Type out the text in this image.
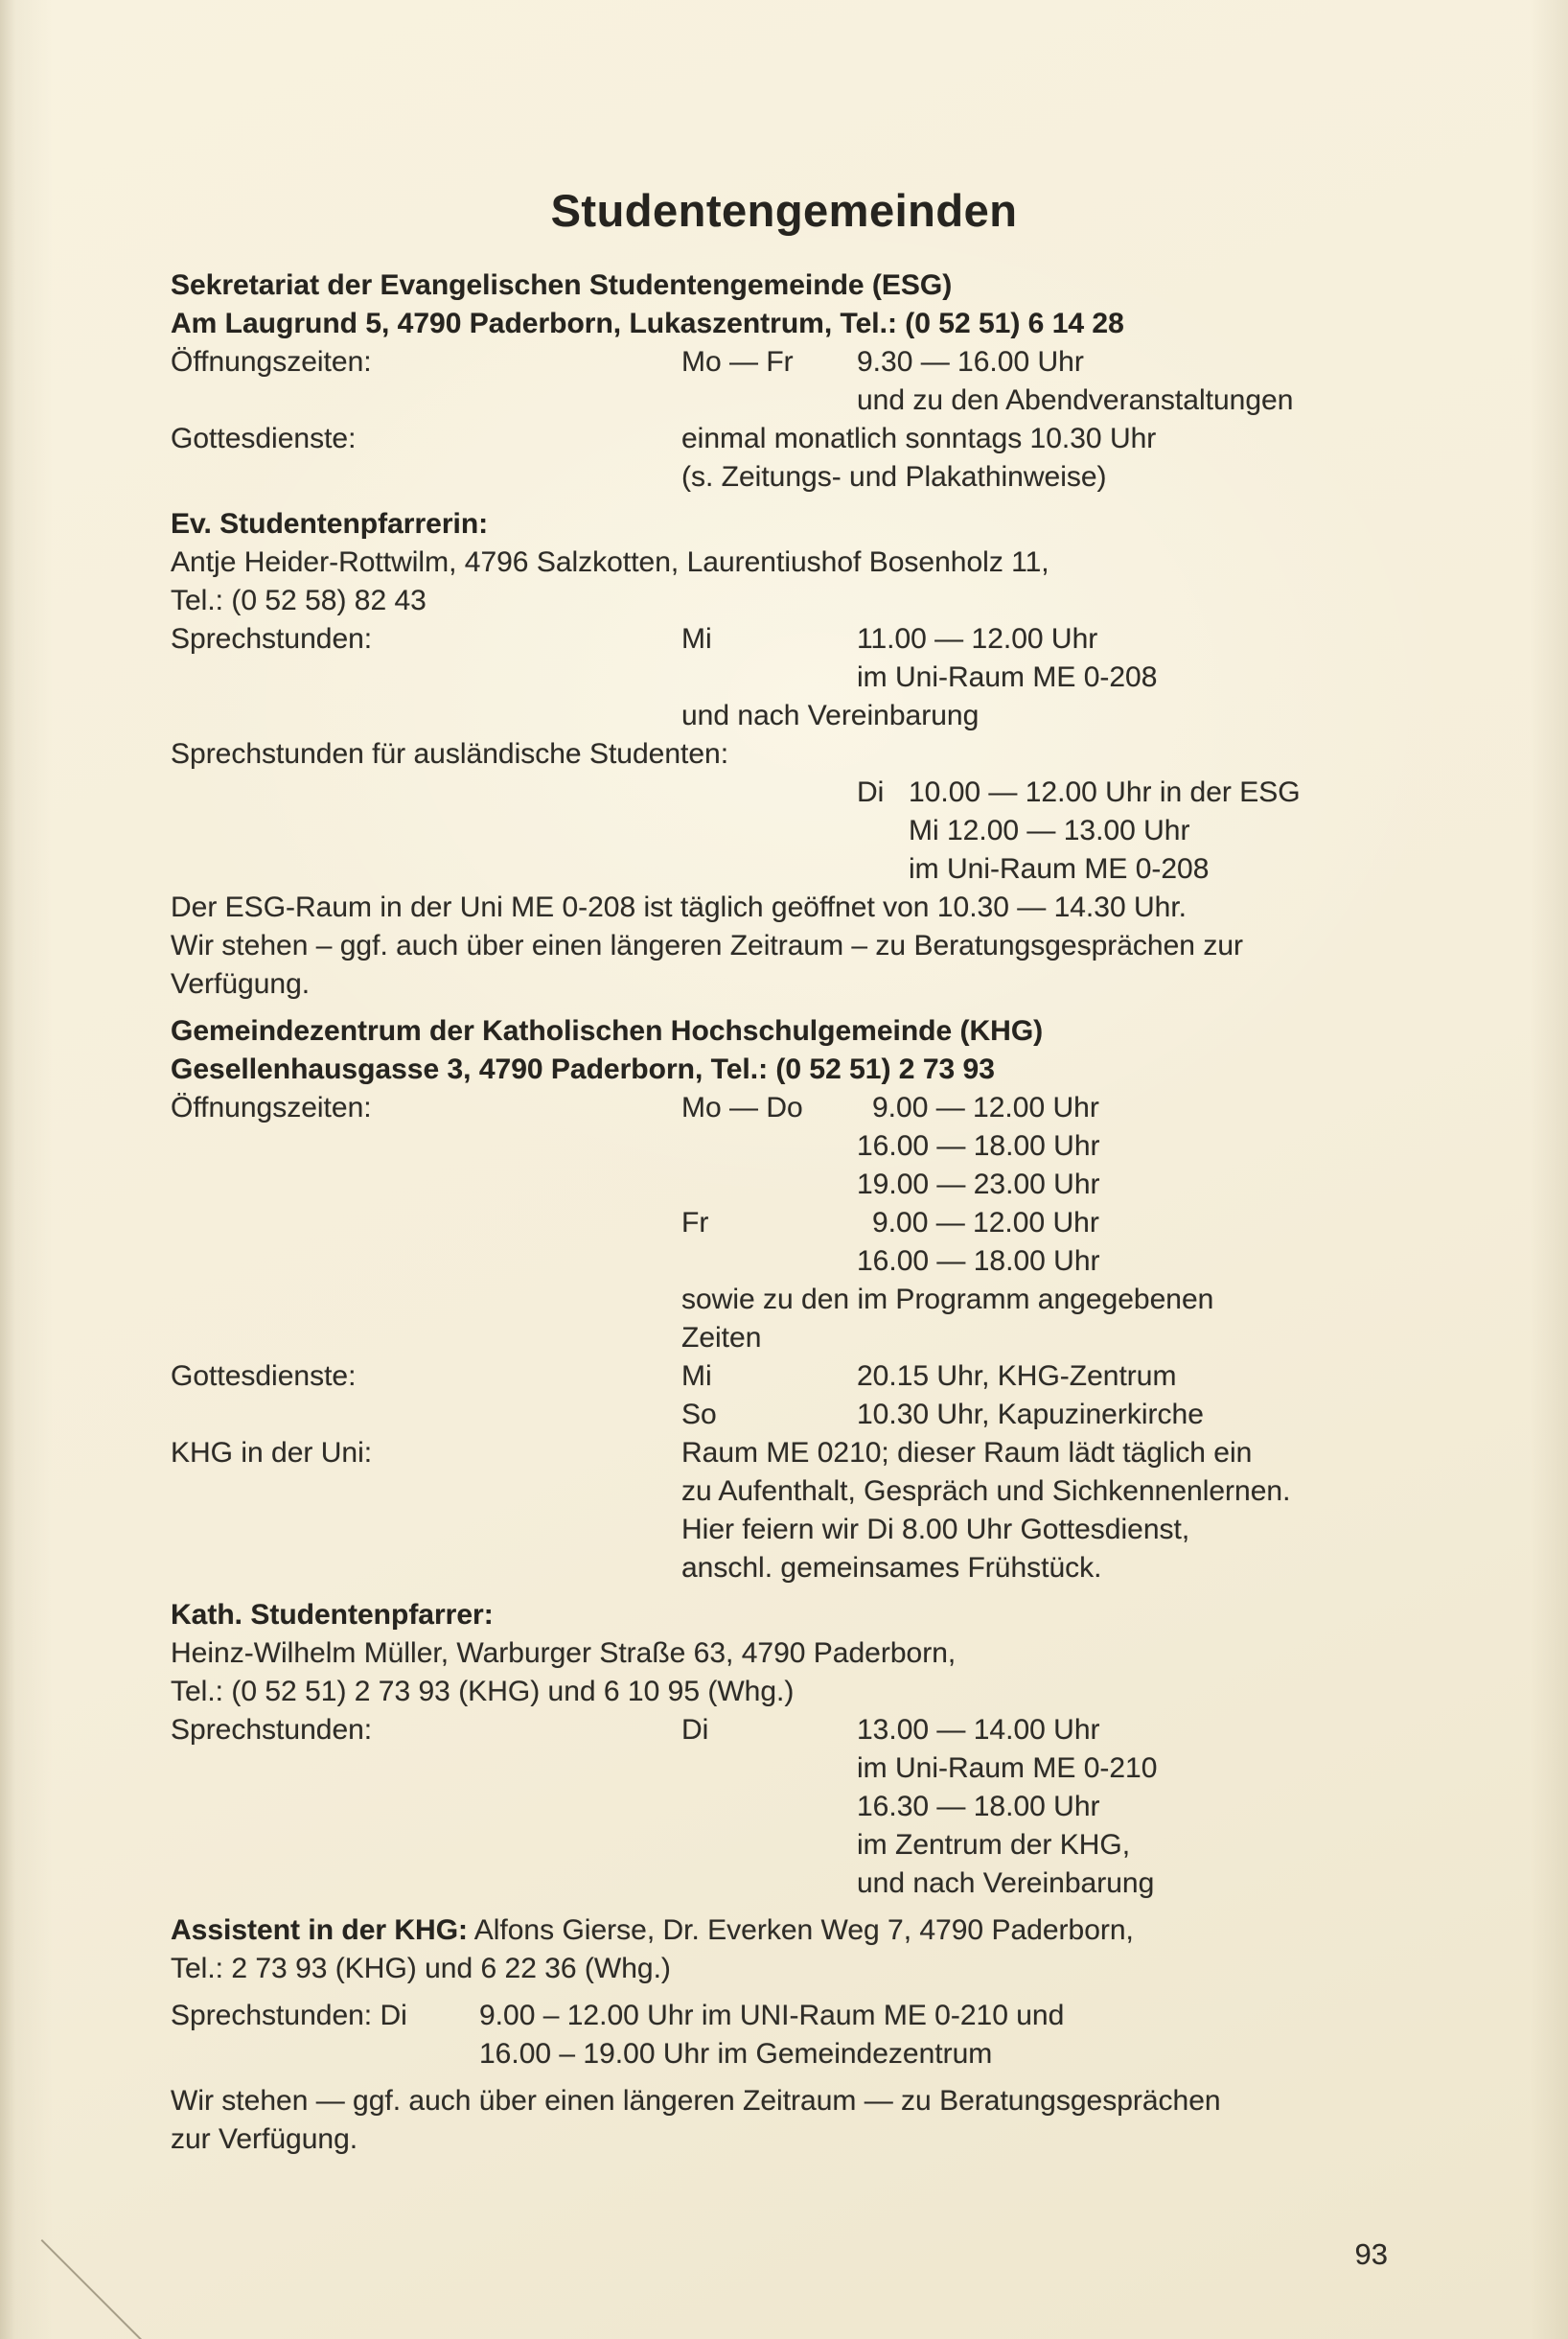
Studentengemeinden
Sekretariat der Evangelischen Studentengemeinde (ESG)
Am Laugrund 5, 4790 Paderborn, Lukaszentrum, Tel.: (0 52 51) 6 14 28
Öffnungszeiten:	Mo — Fr 9.30 — 16.00 Uhr
und zu den Abendveranstaltungen
Gottesdienste:	einmal monatlich sonntags 10.30 Uhr
(s. Zeitungs- und Plakathinweise)
Ev. Studentenpfarrerin:
Antje Heider-Rottwilm, 4796 Salzkotten, Laurentiushof Bosenholz 11,
Tel.: (0 52 58) 82 43
Sprechstunden:	Mi	11.00 — 12.00 Uhr
im Uni-Raum ME 0-208
und nach Vereinbarung
Sprechstunden für ausländische Studenten:
Di 10.00 — 12.00 Uhr in der ESG
Mi 12.00 — 13.00 Uhr
im Uni-Raum ME 0-208
Der ESG-Raum in der Uni ME 0-208 ist täglich geöffnet von 10.30 — 14.30 Uhr.
Wir stehen – ggf. auch über einen längeren Zeitraum – zu Beratungsgesprächen zur
Verfügung.
Gemeindezentrum der Katholischen Hochschulgemeinde (KHG)
Gesellenhausgasse 3, 4790 Paderborn, Tel.: (0 52 51) 2 73 93
Öffnungszeiten:	Mo — Do 9.00 — 12.00 Uhr
16.00 — 18.00 Uhr
19.00 — 23.00 Uhr
Fr	9.00 — 12.00 Uhr
16.00 — 18.00 Uhr
sowie zu den im Programm angegebenen
Zeiten
Gottesdienste:	Mi	20.15 Uhr, KHG-Zentrum
So	10.30 Uhr, Kapuzinerkirche
KHG in der Uni:	Raum ME 0210; dieser Raum lädt täglich ein
zu Aufenthalt, Gespräch und Sichkennenlernen.
Hier feiern wir Di 8.00 Uhr Gottesdienst,
anschl. gemeinsames Frühstück.
Kath. Studentenpfarrer:
Heinz-Wilhelm Müller, Warburger Straße 63, 4790 Paderborn,
Tel.: (0 52 51) 2 73 93 (KHG) und 6 10 95 (Whg.)
Sprechstunden:	Di	13.00 — 14.00 Uhr
im Uni-Raum ME 0-210
16.30 — 18.00 Uhr
im Zentrum der KHG,
und nach Vereinbarung
Assistent in der KHG: Alfons Gierse, Dr. Everken Weg 7, 4790 Paderborn,
Tel.: 2 73 93 (KHG) und 6 22 36 (Whg.)
Sprechstunden: Di	9.00 – 12.00 Uhr im UNI-Raum ME 0-210 und
16.00 – 19.00 Uhr im Gemeindezentrum
Wir stehen — ggf. auch über einen längeren Zeitraum — zu Beratungsgesprächen
zur Verfügung.
93
